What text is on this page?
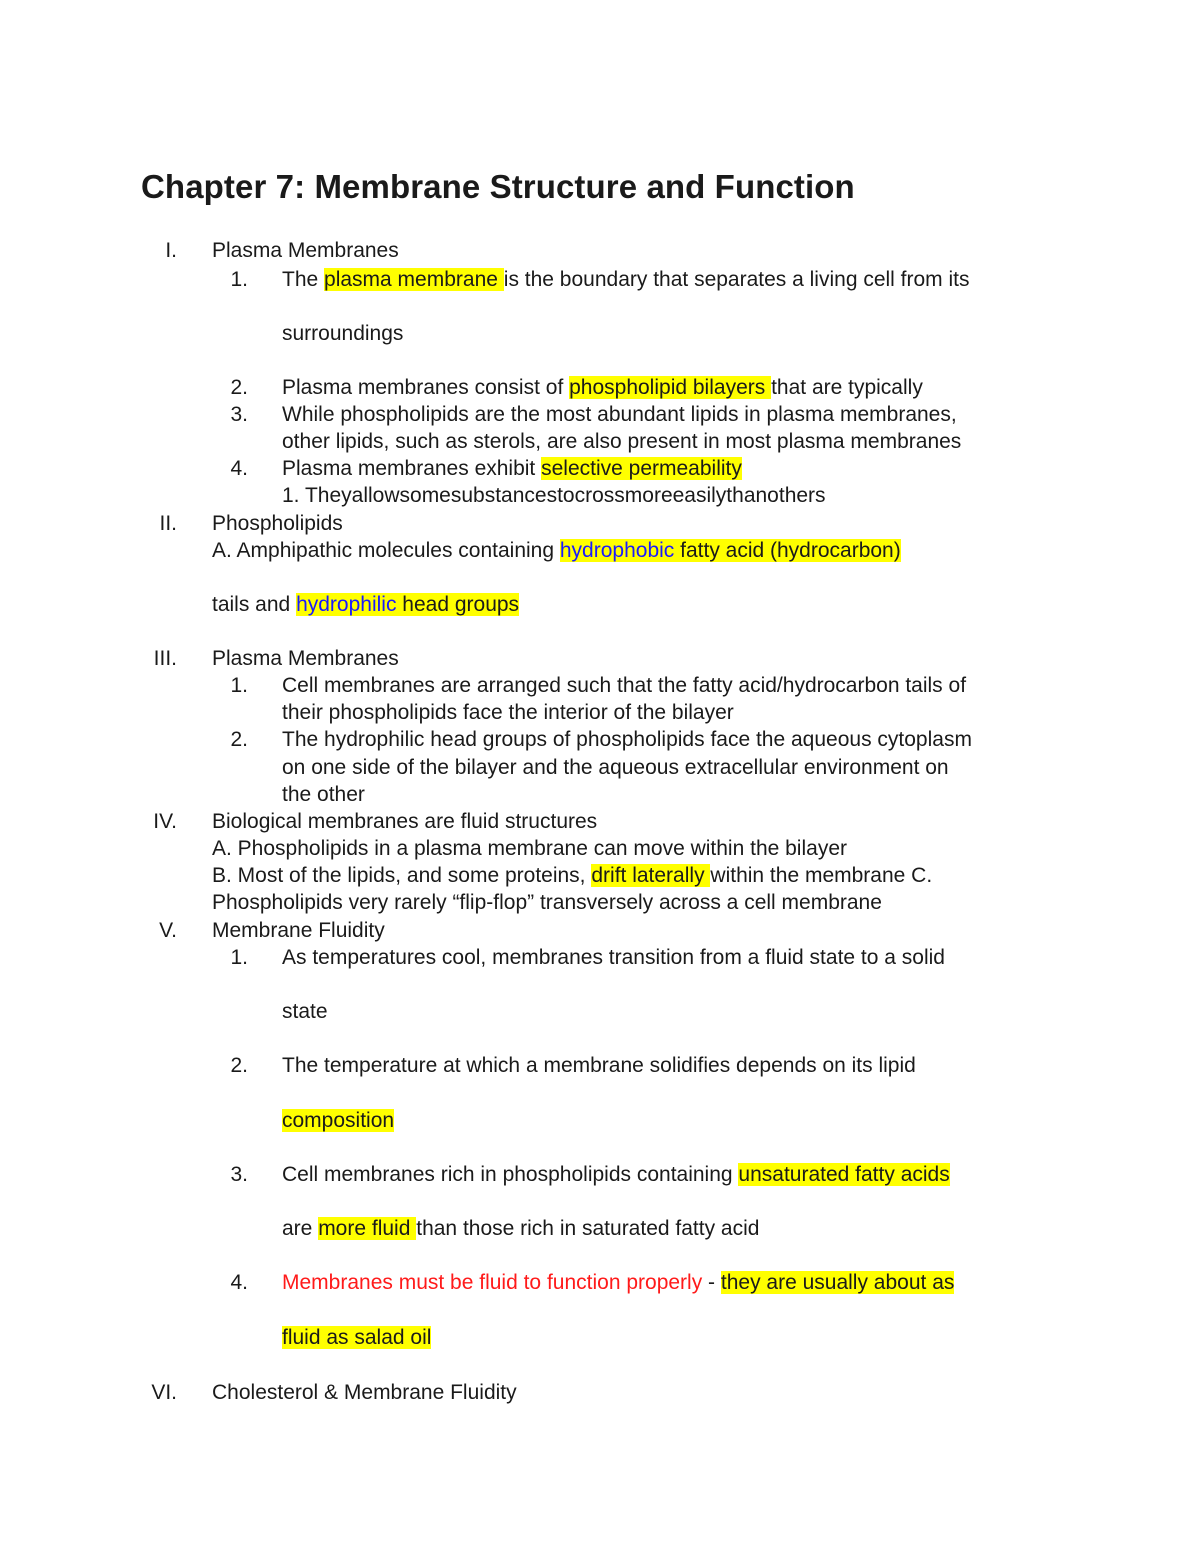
Chapter 7: Membrane Structure and Function
I. Plasma Membranes
1. The plasma membrane is the boundary that separates a living cell from its
surroundings
2. Plasma membranes consist of phospholipid bilayers that are typically
3. While phospholipids are the most abundant lipids in plasma membranes,
other lipids, such as sterols, are also present in most plasma membranes
4. Plasma membranes exhibit selective permeability
1. Theyallowsomesubstancestocrossmoreeasilythanothers
II. Phospholipids
A. Amphipathic molecules containing hydrophobic fatty acid (hydrocarbon)
tails and hydrophilic head groups
III. Plasma Membranes
1. Cell membranes are arranged such that the fatty acid/hydrocarbon tails of
their phospholipids face the interior of the bilayer
2. The hydrophilic head groups of phospholipids face the aqueous cytoplasm
on one side of the bilayer and the aqueous extracellular environment on
the other
IV. Biological membranes are fluid structures
A. Phospholipids in a plasma membrane can move within the bilayer
B. Most of the lipids, and some proteins, drift laterally within the membrane C.
Phospholipids very rarely “flip-flop” transversely across a cell membrane
V. Membrane Fluidity
1. As temperatures cool, membranes transition from a fluid state to a solid
state
2. The temperature at which a membrane solidifies depends on its lipid
composition
3. Cell membranes rich in phospholipids containing unsaturated fatty acids
are more fluid than those rich in saturated fatty acid
4. Membranes must be fluid to function properly - they are usually about as
fluid as salad oil
VI. Cholesterol & Membrane Fluidity
